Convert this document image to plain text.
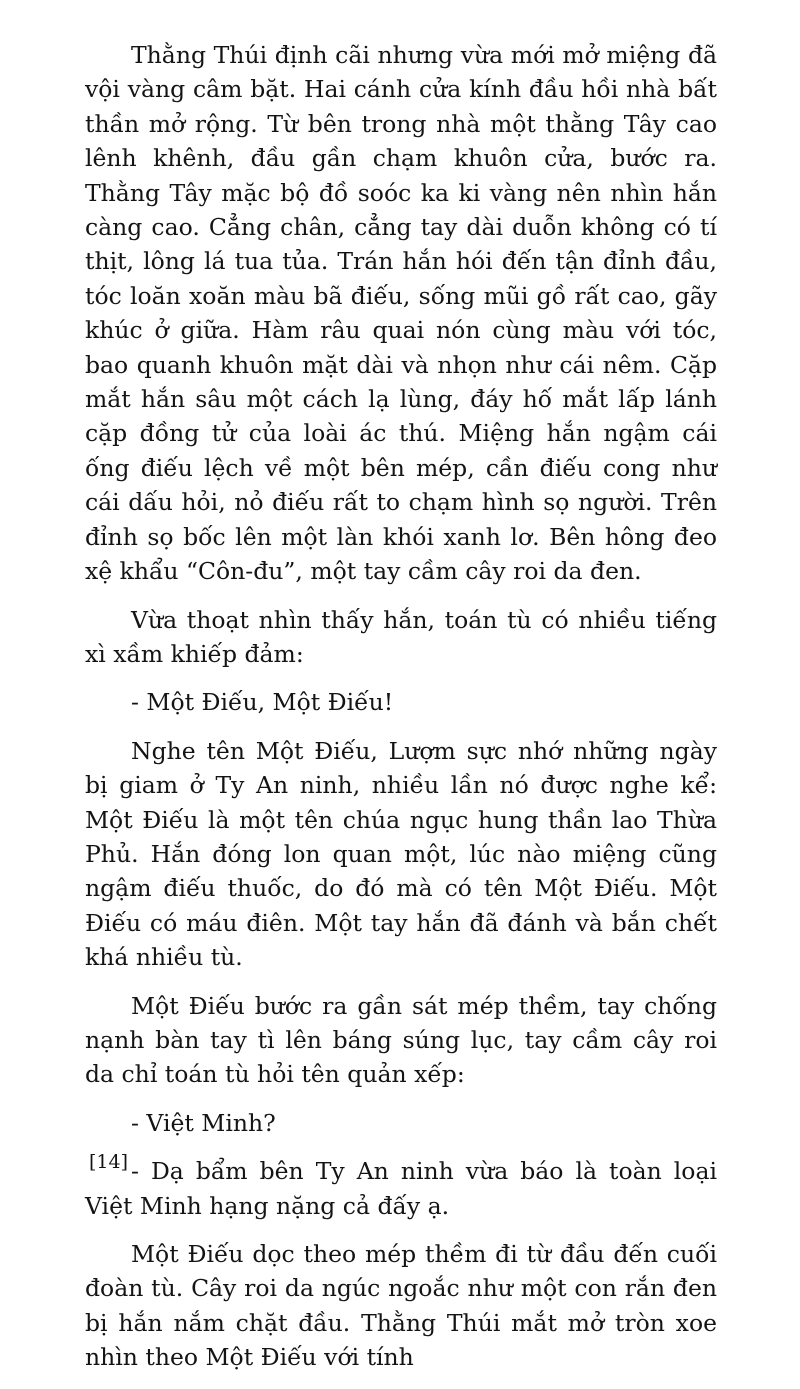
Thằng Thúi định cãi nhưng vừa mới mở miệng đã vội vàng câm bặt. Hai cánh cửa kính đầu hồi nhà bất thần mở rộng. Từ bên trong nhà một thằng Tây cao lênh khênh, đầu gần chạm khuôn cửa, bước ra. Thằng Tây mặc bộ đồ soóc ka ki vàng nên nhìn hắn càng cao. Cẳng chân, cẳng tay dài duỗn không có tí thịt, lông lá tua tủa. Trán hắn hói đến tận đỉnh đầu, tóc loăn xoăn màu bã điếu, sống mũi gồ rất cao, gãy khúc ở giữa. Hàm râu quai nón cùng màu với tóc, bao quanh khuôn mặt dài và nhọn như cái nêm. Cặp mắt hắn sâu một cách lạ lùng, đáy hố mắt lấp lánh cặp đồng tử của loài ác thú. Miệng hắn ngậm cái ống điếu lệch về một bên mép, cần điếu cong như cái dấu hỏi, nỏ điếu rất to chạm hình sọ người. Trên đỉnh sọ bốc lên một làn khói xanh lơ. Bên hông đeo xệ khẩu “Côn-đu”, một tay cầm cây roi da đen.

Vừa thoạt nhìn thấy hắn, toán tù có nhiều tiếng xì xầm khiếp đảm:

- Một Điếu, Một Điếu!

Nghe tên Một Điếu, Lượm sực nhớ những ngày bị giam ở Ty An ninh, nhiều lần nó được nghe kể: Một Điếu là một tên chúa ngục hung thần lao Thừa Phủ. Hắn đóng lon quan một, lúc nào miệng cũng ngậm điếu thuốc, do đó mà có tên Một Điếu. Một Điếu có máu điên. Một tay hắn đã đánh và bắn chết khá nhiều tù.

Một Điếu bước ra gần sát mép thềm, tay chống nạnh bàn tay tì lên báng súng lục, tay cầm cây roi da chỉ toán tù hỏi tên quản xếp:

- Việt Minh?

- Dạ bẩm bên Ty An ninh vừa báo là toàn loại Việt Minh hạng nặng cả đấy ạ.

Một Điếu dọc theo mép thềm đi từ đầu đến cuối đoàn tù. Cây roi da ngúc ngoắc như một con rắn đen bị hắn nắm chặt đầu. Thằng Thúi mắt mở tròn xoe nhìn theo Một Điếu với tính

[14]
